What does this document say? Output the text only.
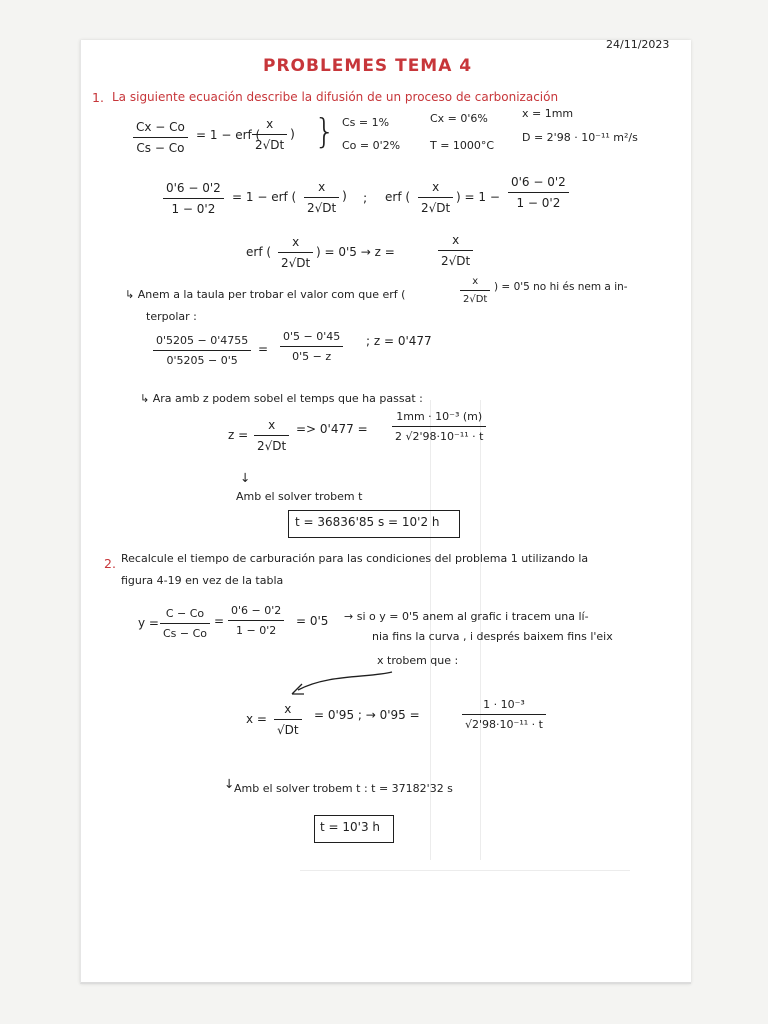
24/11/2023
PROBLEMES TEMA 4
1. La siguiente ecuación describe la difusión de un proceso de carbonización
Cx − Co
Cs − Co
= 1 − erf (
x
2√Dt
) } Cs = 1%
Co = 0'2%
Cx = 0'6%
T = 1000°C
x = 1mm
D = 2'98 · 10⁻¹¹ m²/s
0'6 − 0'2
1 − 0'2
= 1 − erf (
x
2√Dt
) ; erf (
x
2√Dt
) = 1 −
0'6 − 0'2
1 − 0'2
erf (
x
2√Dt
) = 0'5 → z =
x
2√Dt
↳ Anem a la taula per trobar el valor com que erf (
x
2√Dt
) = 0'5 no hi és nem a in-
terpolar :
0'5205 − 0'4755
0'5205 − 0'5
=
0'5 − 0'45
0'5 − z
; z = 0'477
↳ Ara amb z podem sobel el temps que ha passat :
z =
x
2√Dt
=> 0'477 =
1mm · 10⁻³ (m)
2 √2'98·10⁻¹¹ · t
↓
Amb el solver trobem t
t = 36836'85 s = 10'2 h
2. Recalcule el tiempo de carburación para las condiciones del problema 1 utilizando la
figura 4-19 en vez de la tabla
y =
C − Co
Cs − Co
=
0'6 − 0'2
1 − 0'2
= 0'5 → si o y = 0'5 anem al grafic i tracem una lí-
nia fins la curva , i després baixem fins l'eix
x trobem que :
x =
x
√Dt
= 0'95 ; → 0'95 =
1 · 10⁻³
√2'98·10⁻¹¹ · t
↓ Amb el solver trobem t : t = 37182'32 s
t = 10'3 h
